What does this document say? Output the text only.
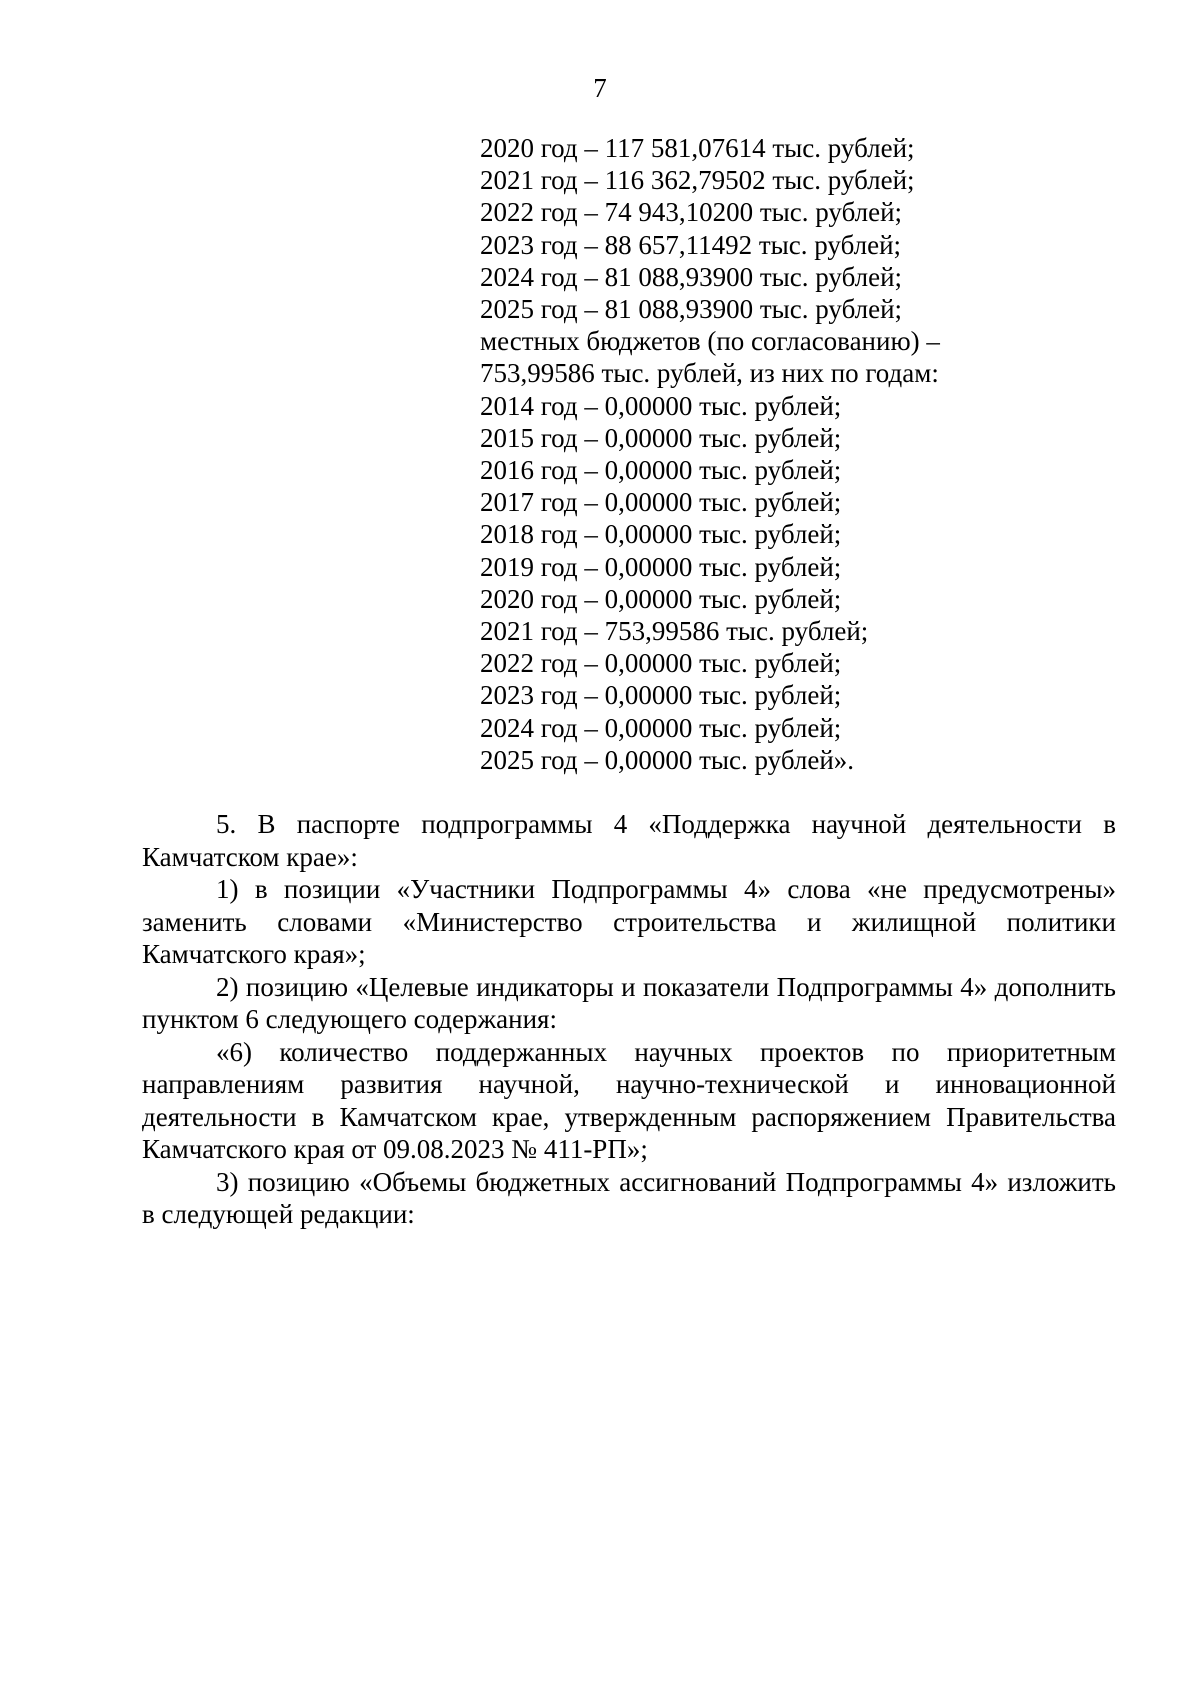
7
2020 год – 117 581,07614 тыс. рублей;
2021 год – 116 362,79502 тыс. рублей;
2022 год – 74 943,10200 тыс. рублей;
2023 год – 88 657,11492 тыс. рублей;
2024 год – 81 088,93900 тыс. рублей;
2025 год – 81 088,93900 тыс. рублей;
местных бюджетов (по согласованию) –
753,99586 тыс. рублей, из них по годам:
2014 год – 0,00000 тыс. рублей;
2015 год – 0,00000 тыс. рублей;
2016 год – 0,00000 тыс. рублей;
2017 год – 0,00000 тыс. рублей;
2018 год – 0,00000 тыс. рублей;
2019 год – 0,00000 тыс. рублей;
2020 год – 0,00000 тыс. рублей;
2021 год – 753,99586 тыс. рублей;
2022 год – 0,00000 тыс. рублей;
2023 год – 0,00000 тыс. рублей;
2024 год – 0,00000 тыс. рублей;
2025 год – 0,00000 тыс. рублей».

5. В паспорте подпрограммы 4 «Поддержка научной деятельности в Камчатском крае»:

1) в позиции «Участники Подпрограммы 4» слова «не предусмотрены» заменить словами «Министерство строительства и жилищной политики Камчатского края»;

2) позицию «Целевые индикаторы и показатели Подпрограммы 4» дополнить пунктом 6 следующего содержания:

«6) количество поддержанных научных проектов по приоритетным направлениям развития научной, научно-технической и инновационной деятельности в Камчатском крае, утвержденным распоряжением Правительства Камчатского края от 09.08.2023 № 411-РП»;

3) позицию «Объемы бюджетных ассигнований Подпрограммы 4» изложить в следующей редакции:
